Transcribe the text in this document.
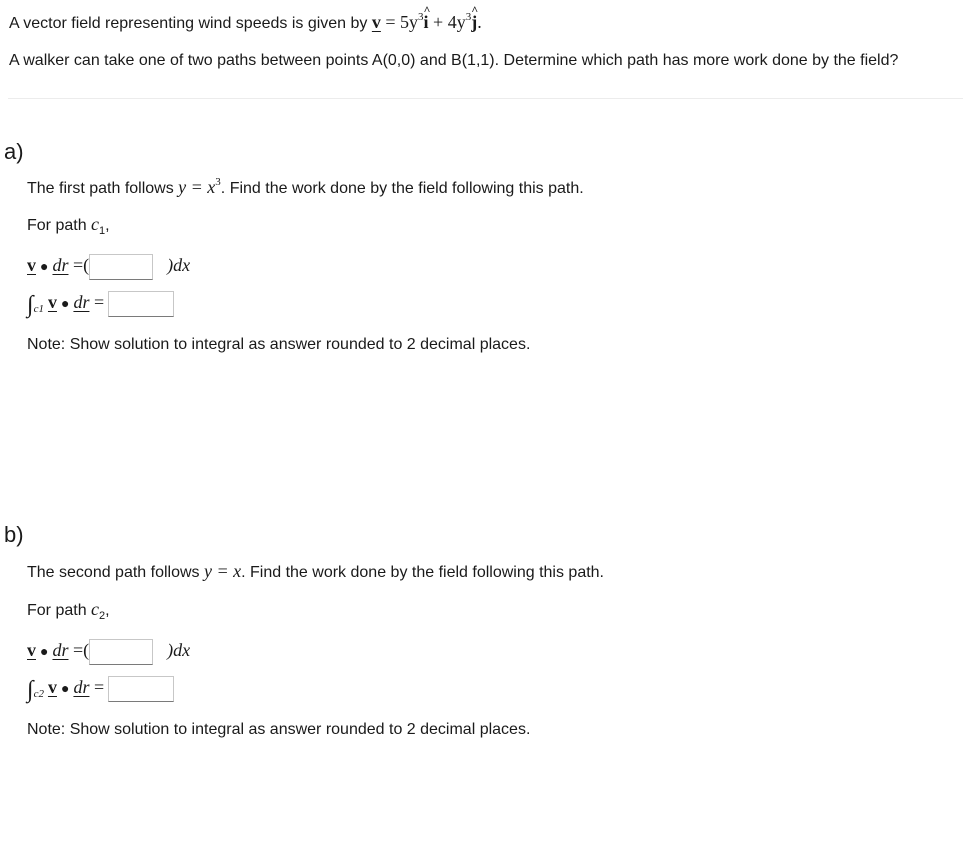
A vector field representing wind speeds is given by $v = 5y^3i$ ^ + $4y^3j$ ^.
A walker can take one of two paths between points A(0,0) and B(1,1). Determine which path has more work done by the field?
a)
The first path follows $y = x^3$. Find the work done by the field following this path.
For path $c_1$,
v ● dr =(	)dx
$\int_{c1}$ v ● dr =
Note: Show solution to integral as answer rounded to 2 decimal places.
b)
The second path follows y = x. Find the work done by the field following this path.
For path $c_2$,
v ● dr =(	)dx
$\int_{c2}$ v ● dr =
Note: Show solution to integral as answer rounded to 2 decimal places.
